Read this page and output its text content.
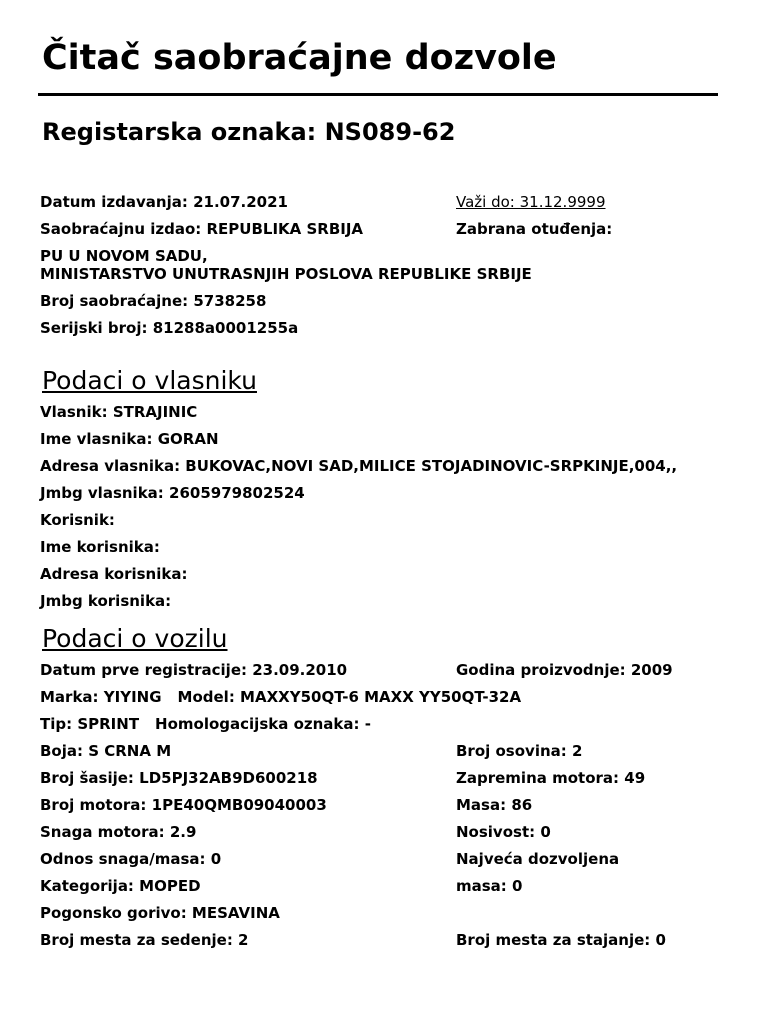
Čitač saobraćajne dozvole
Registarska oznaka: NS089-62
Datum izdavanja: 21.07.2021	Važi do: 31.12.9999
Saobraćajnu izdao: REPUBLIKA SRBIJA	Zabrana otuđenja:
PU U NOVOM SADU,
MINISTARSTVO UNUTRASNJIH POSLOVA REPUBLIKE SRBIJE
Broj saobraćajne: 5738258
Serijski broj: 81288a0001255a
Podaci o vlasniku
Vlasnik: STRAJINIC
Ime vlasnika: GORAN
Adresa vlasnika: BUKOVAC,NOVI SAD,MILICE STOJADINOVIC-SRPKINJE,004,,
Jmbg vlasnika: 2605979802524
Korisnik:
Ime korisnika:
Adresa korisnika:
Jmbg korisnika:
Podaci o vozilu
Datum prve registracije: 23.09.2010	Godina proizvodnje: 2009
Marka: YIYING Model: MAXXY50QT-6 MAXX YY50QT-32A
Tip: SPRINT Homologacijska oznaka: -
Boja: S CRNA M	Broj osovina: 2
Broj šasije: LD5PJ32AB9D600218	Zapremina motora: 49
Broj motora: 1PE40QMB09040003	Masa: 86
Snaga motora: 2.9	Nosivost: 0
Odnos snaga/masa: 0	Najveća dozvoljena
Kategorija: MOPED	masa: 0
Pogonsko gorivo: MESAVINA
Broj mesta za sedenje: 2	Broj mesta za stajanje: 0
